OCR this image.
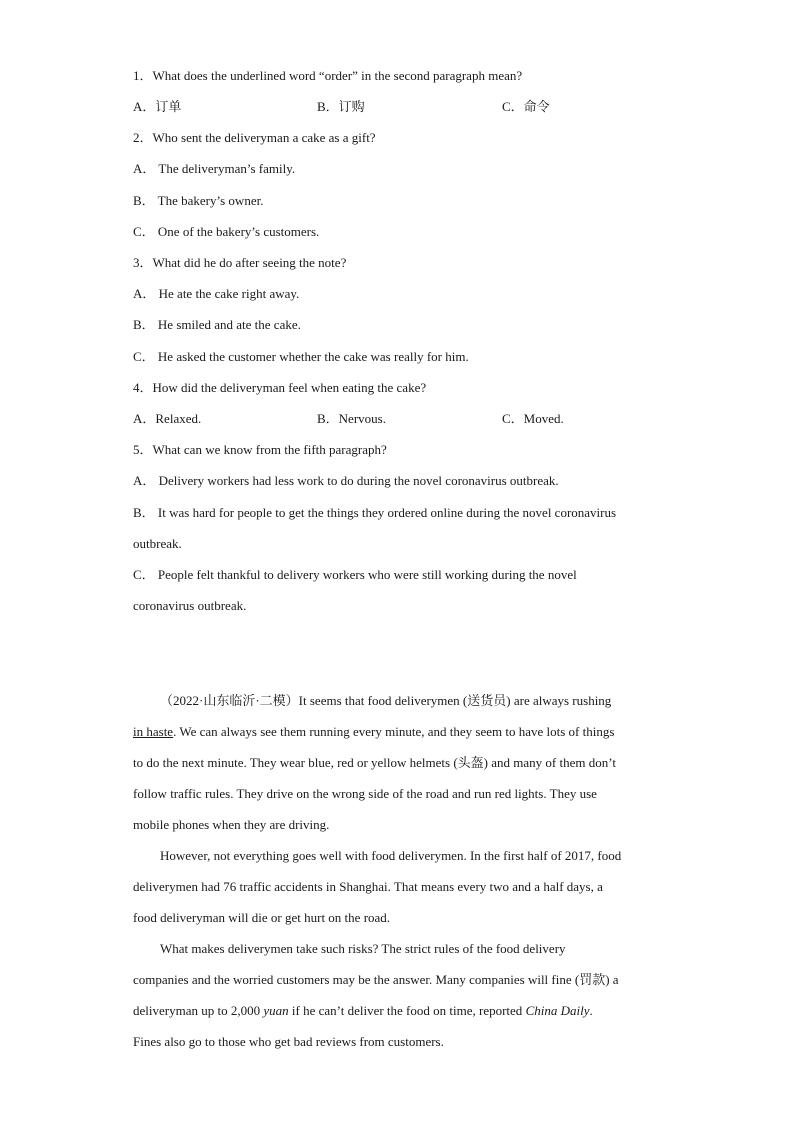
1．What does the underlined word “order” in the second paragraph mean?
A．订单	B．订购	C．命令
2．Who sent the deliveryman a cake as a gift?
A． The deliveryman’s family.
B． The bakery’s owner.
C． One of the bakery’s customers.
3．What did he do after seeing the note?
A． He ate the cake right away.
B． He smiled and ate the cake.
C． He asked the customer whether the cake was really for him.
4．How did the deliveryman feel when eating the cake?
A．Relaxed.	B．Nervous.	C．Moved.
5．What can we know from the fifth paragraph?
A． Delivery workers had less work to do during the novel coronavirus outbreak.
B． It was hard for people to get the things they ordered online during the novel coronavirus
outbreak.
C． People felt thankful to delivery workers who were still working during the novel
coronavirus outbreak.
（2022·山东临沂·二模）It seems that food deliverymen (送货员) are always rushing
in haste. We can always see them running every minute, and they seem to have lots of things
to do the next minute. They wear blue, red or yellow helmets (头盔) and many of them don’t
follow traffic rules. They drive on the wrong side of the road and run red lights. They use
mobile phones when they are driving.
However, not everything goes well with food deliverymen. In the first half of 2017, food
deliverymen had 76 traffic accidents in Shanghai. That means every two and a half days, a
food deliveryman will die or get hurt on the road.
What makes deliverymen take such risks? The strict rules of the food delivery
companies and the worried customers may be the answer. Many companies will fine (罚款) a
deliveryman up to 2,000 yuan if he can’t deliver the food on time, reported China Daily.
Fines also go to those who get bad reviews from customers.
